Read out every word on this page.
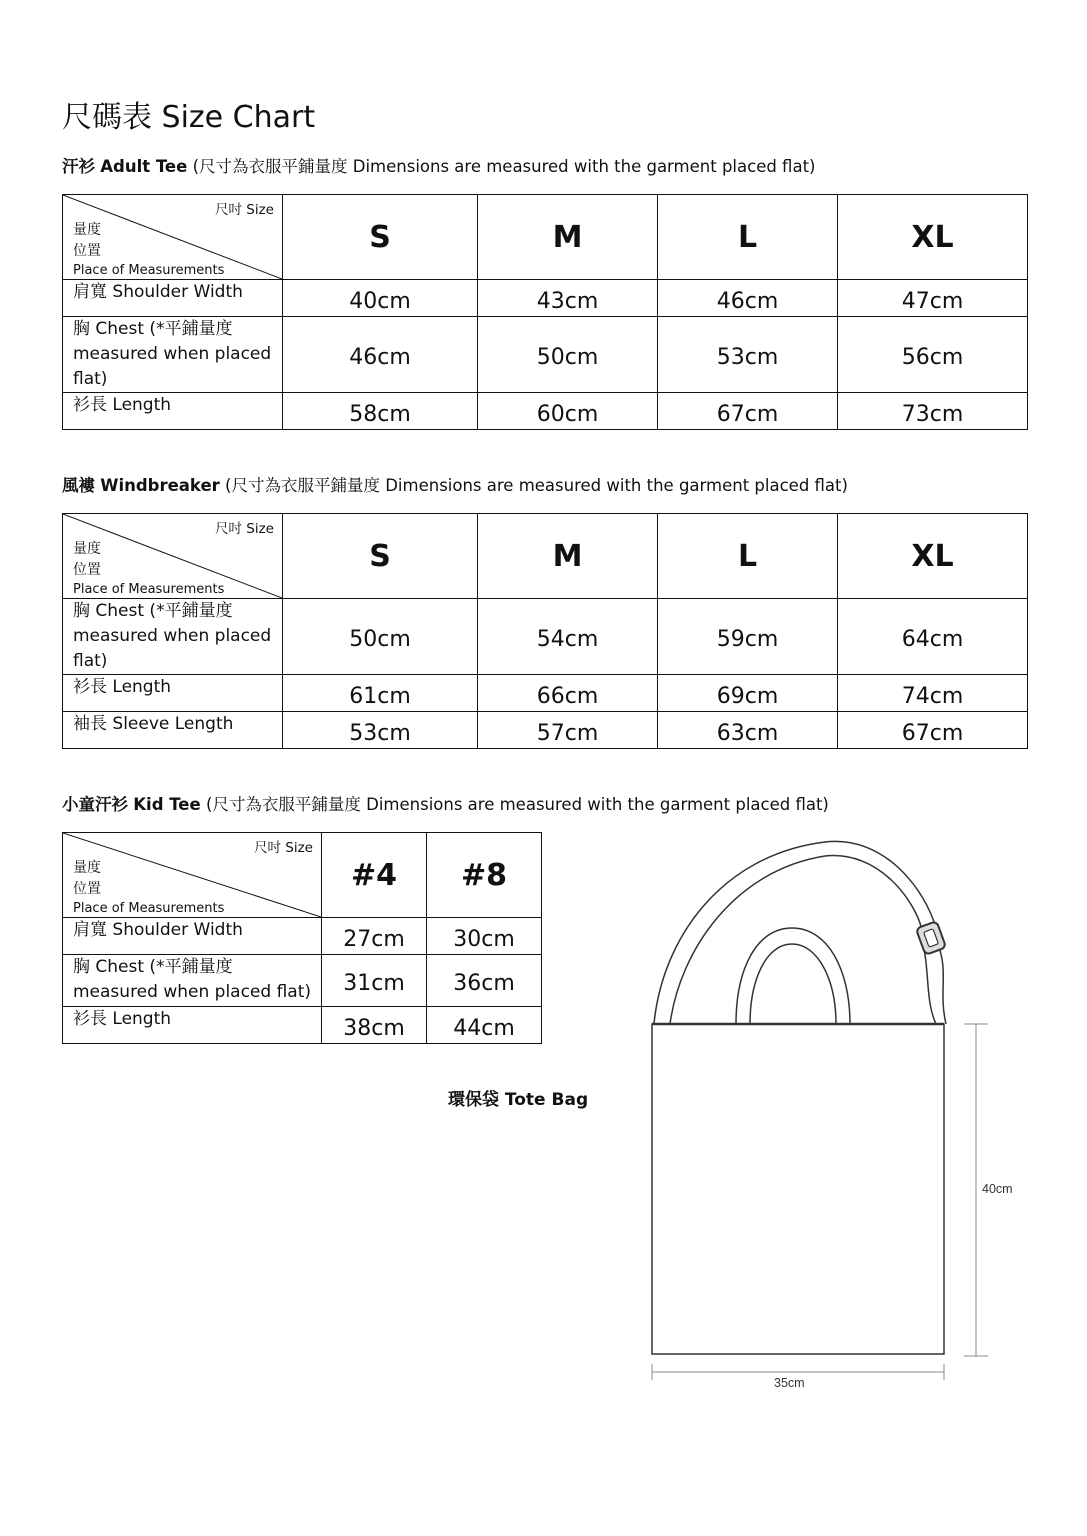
尺碼表 Size Chart
汗衫 Adult Tee (尺寸為衣服平鋪量度 Dimensions are measured with the garment placed flat)
尺吋 Size
量度
位置
Place of Measurements	S	M	L	XL
肩寬 Shoulder Width	40cm	43cm	46cm	47cm
胸 Chest (*平鋪量度 measured when placed flat)	46cm	50cm	53cm	56cm
衫長 Length	58cm	60cm	67cm	73cm
風褸 Windbreaker (尺寸為衣服平鋪量度 Dimensions are measured with the garment placed flat)
尺吋 Size
量度
位置
Place of Measurements	S	M	L	XL
胸 Chest (*平鋪量度 measured when placed flat)	50cm	54cm	59cm	64cm
衫長 Length	61cm	66cm	69cm	74cm
袖長 Sleeve Length	53cm	57cm	63cm	67cm
小童汗衫 Kid Tee (尺寸為衣服平鋪量度 Dimensions are measured with the garment placed flat)
尺吋 Size
量度
位置
Place of Measurements	#4	#8
肩寬 Shoulder Width	27cm	30cm
胸 Chest (*平鋪量度 measured when placed flat)	31cm	36cm
衫長 Length	38cm	44cm
環保袋 Tote Bag
40cm
35cm
